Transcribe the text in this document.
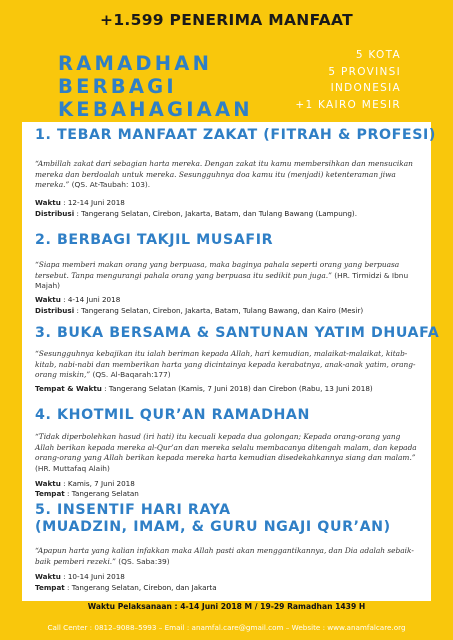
+1.599 PENERIMA MANFAAT
RAMADHAN
BERBAGI
KEBAHAGIAAN
5 KOTA
5 PROVINSI
INDONESIA
+1 KAIRO MESIR
1. TEBAR MANFAAT ZAKAT (FITRAH & PROFESI)
“Ambillah zakat dari sebagian harta mereka. Dengan zakat itu kamu membersihkan dan mensucikan mereka dan berdoalah untuk mereka. Sesungguhnya doa kamu itu (menjadi) ketenteraman jiwa mereka.” (QS. At-Taubah: 103).
Waktu : 12-14 Juni 2018
Distribusi : Tangerang Selatan, Cirebon, Jakarta, Batam, dan Tulang Bawang (Lampung).
2. BERBAGI TAKJIL MUSAFIR
“Siapa memberi makan orang yang berpuasa, maka baginya pahala seperti orang yang berpuasa tersebut. Tanpa mengurangi pahala orang yang berpuasa itu sedikit pun juga.” (HR. Tirmidzi & Ibnu Majah)
Waktu : 4-14 Juni 2018
Distribusi : Tangerang Selatan, Cirebon, Jakarta, Batam, Tulang Bawang, dan Kairo (Mesir)
3. BUKA BERSAMA & SANTUNAN YATIM DHUAFA
“Sesungguhnya kebajikan itu ialah beriman kepada Allah, hari kemudian, malaikat-malaikat, kitab-kitab, nabi-nabi dan memberikan harta yang dicintainya kepada kerabatnya, anak-anak yatim, orang-orang miskin,” (QS. Al-Baqarah:177)
Tempat & Waktu : Tangerang Selatan (Kamis, 7 Juni 2018) dan Cirebon (Rabu, 13 Juni 2018)
4. KHOTMIL QUR’AN RAMADHAN
“Tidak diperbolehkan hasud (iri hati) itu kecuali kepada dua golongan; Kepada orang-orang yang Allah berikan kepada mereka al-Qur’an dan mereka selalu membacanya ditengah malam, dan kepada orang-orang yang Allah berikan kepada mereka harta kemudian disedekahkannya siang dan malam.” (HR. Muttafaq Alaih)
Waktu : Kamis, 7 Juni 2018
Tempat : Tangerang Selatan
5. INSENTIF HARI RAYA
(MUADZIN, IMAM, & GURU NGAJI QUR’AN)
“Apapun harta yang kalian infakkan maka Allah pasti akan menggantikannya, dan Dia adalah sebaik-baik pemberi rezeki.” (QS. Saba:39)
Waktu : 10-14 Juni 2018
Tempat : Tangerang Selatan, Cirebon, dan Jakarta
Waktu Pelaksanaan : 4-14 Juni 2018 M / 19-29 Ramadhan 1439 H
Call Center : 0812–9088–5993 – Email : anamfal.care@gmail.com – Website : www.anamfalcare.org
